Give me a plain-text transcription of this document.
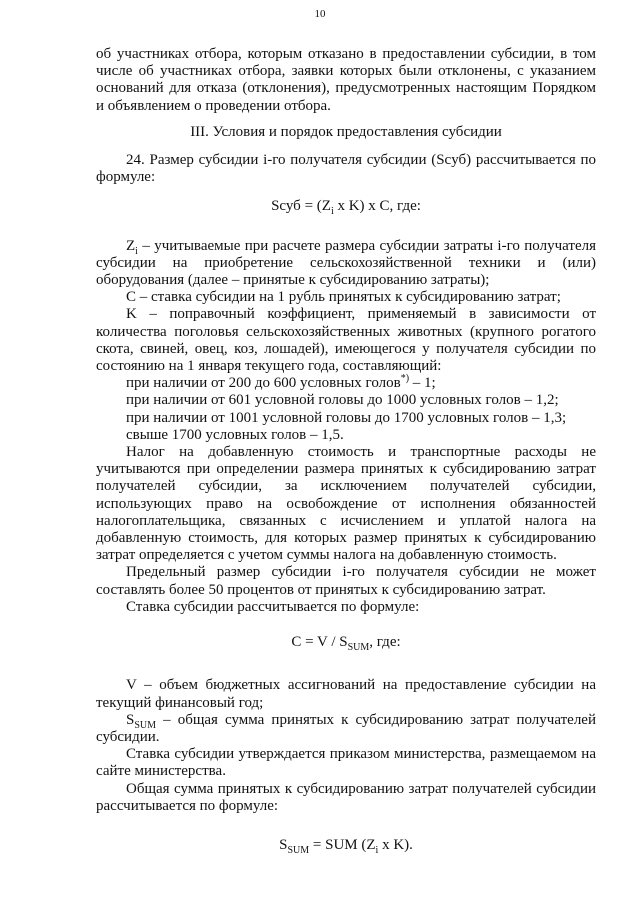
10

об участниках отбора, которым отказано в предоставлении субсидии, в том числе об участниках отбора, заявки которых были отклонены, с указанием оснований для отказа (отклонения), предусмотренных настоящим Порядком и объявлением о проведении отбора.

III. Условия и порядок предоставления субсидии

24. Размер субсидии i-го получателя субсидии (Scуб) рассчитывается по формуле:

Sсуб = ($Z_i$ x K) x C, где:

$Z_i$ – учитываемые при расчете размера субсидии затраты i-го получателя субсидии на приобретение сельскохозяйственной техники и (или) оборудования (далее – принятые к субсидированию затраты);

C – ставка субсидии на 1 рубль принятых к субсидированию затрат;

K – поправочный коэффициент, применяемый в зависимости от количества поголовья сельскохозяйственных животных (крупного рогатого скота, свиней, овец, коз, лошадей), имеющегося у получателя субсидии по состоянию на 1 января текущего года, составляющий:

при наличии от 200 до 600 условных голов*) – 1;

при наличии от 601 условной головы до 1000 условных голов – 1,2;

при наличии от 1001 условной головы до 1700 условных голов – 1,3;

свыше 1700 условных голов – 1,5.

Налог на добавленную стоимость и транспортные расходы не учитываются при определении размера принятых к субсидированию затрат получателей субсидии, за исключением получателей субсидии, использующих право на освобождение от исполнения обязанностей налогоплательщика, связанных с исчислением и уплатой налога на добавленную стоимость, для которых размер принятых к субсидированию затрат определяется с учетом суммы налога на добавленную стоимость.

Предельный размер субсидии i-го получателя субсидии не может составлять более 50 процентов от принятых к субсидированию затрат.

Ставка субсидии рассчитывается по формуле:

$C = V / S_{SUM}$, где:

V – объем бюджетных ассигнований на предоставление субсидии на текущий финансовый год;

$S_{SUM}$ – общая сумма принятых к субсидированию затрат получателей субсидии.

Ставка субсидии утверждается приказом министерства, размещаемом на сайте министерства.

Общая сумма принятых к субсидированию затрат получателей субсидии рассчитывается по формуле:

$S_{SUM}$ = SUM ($Z_i$ x K).
